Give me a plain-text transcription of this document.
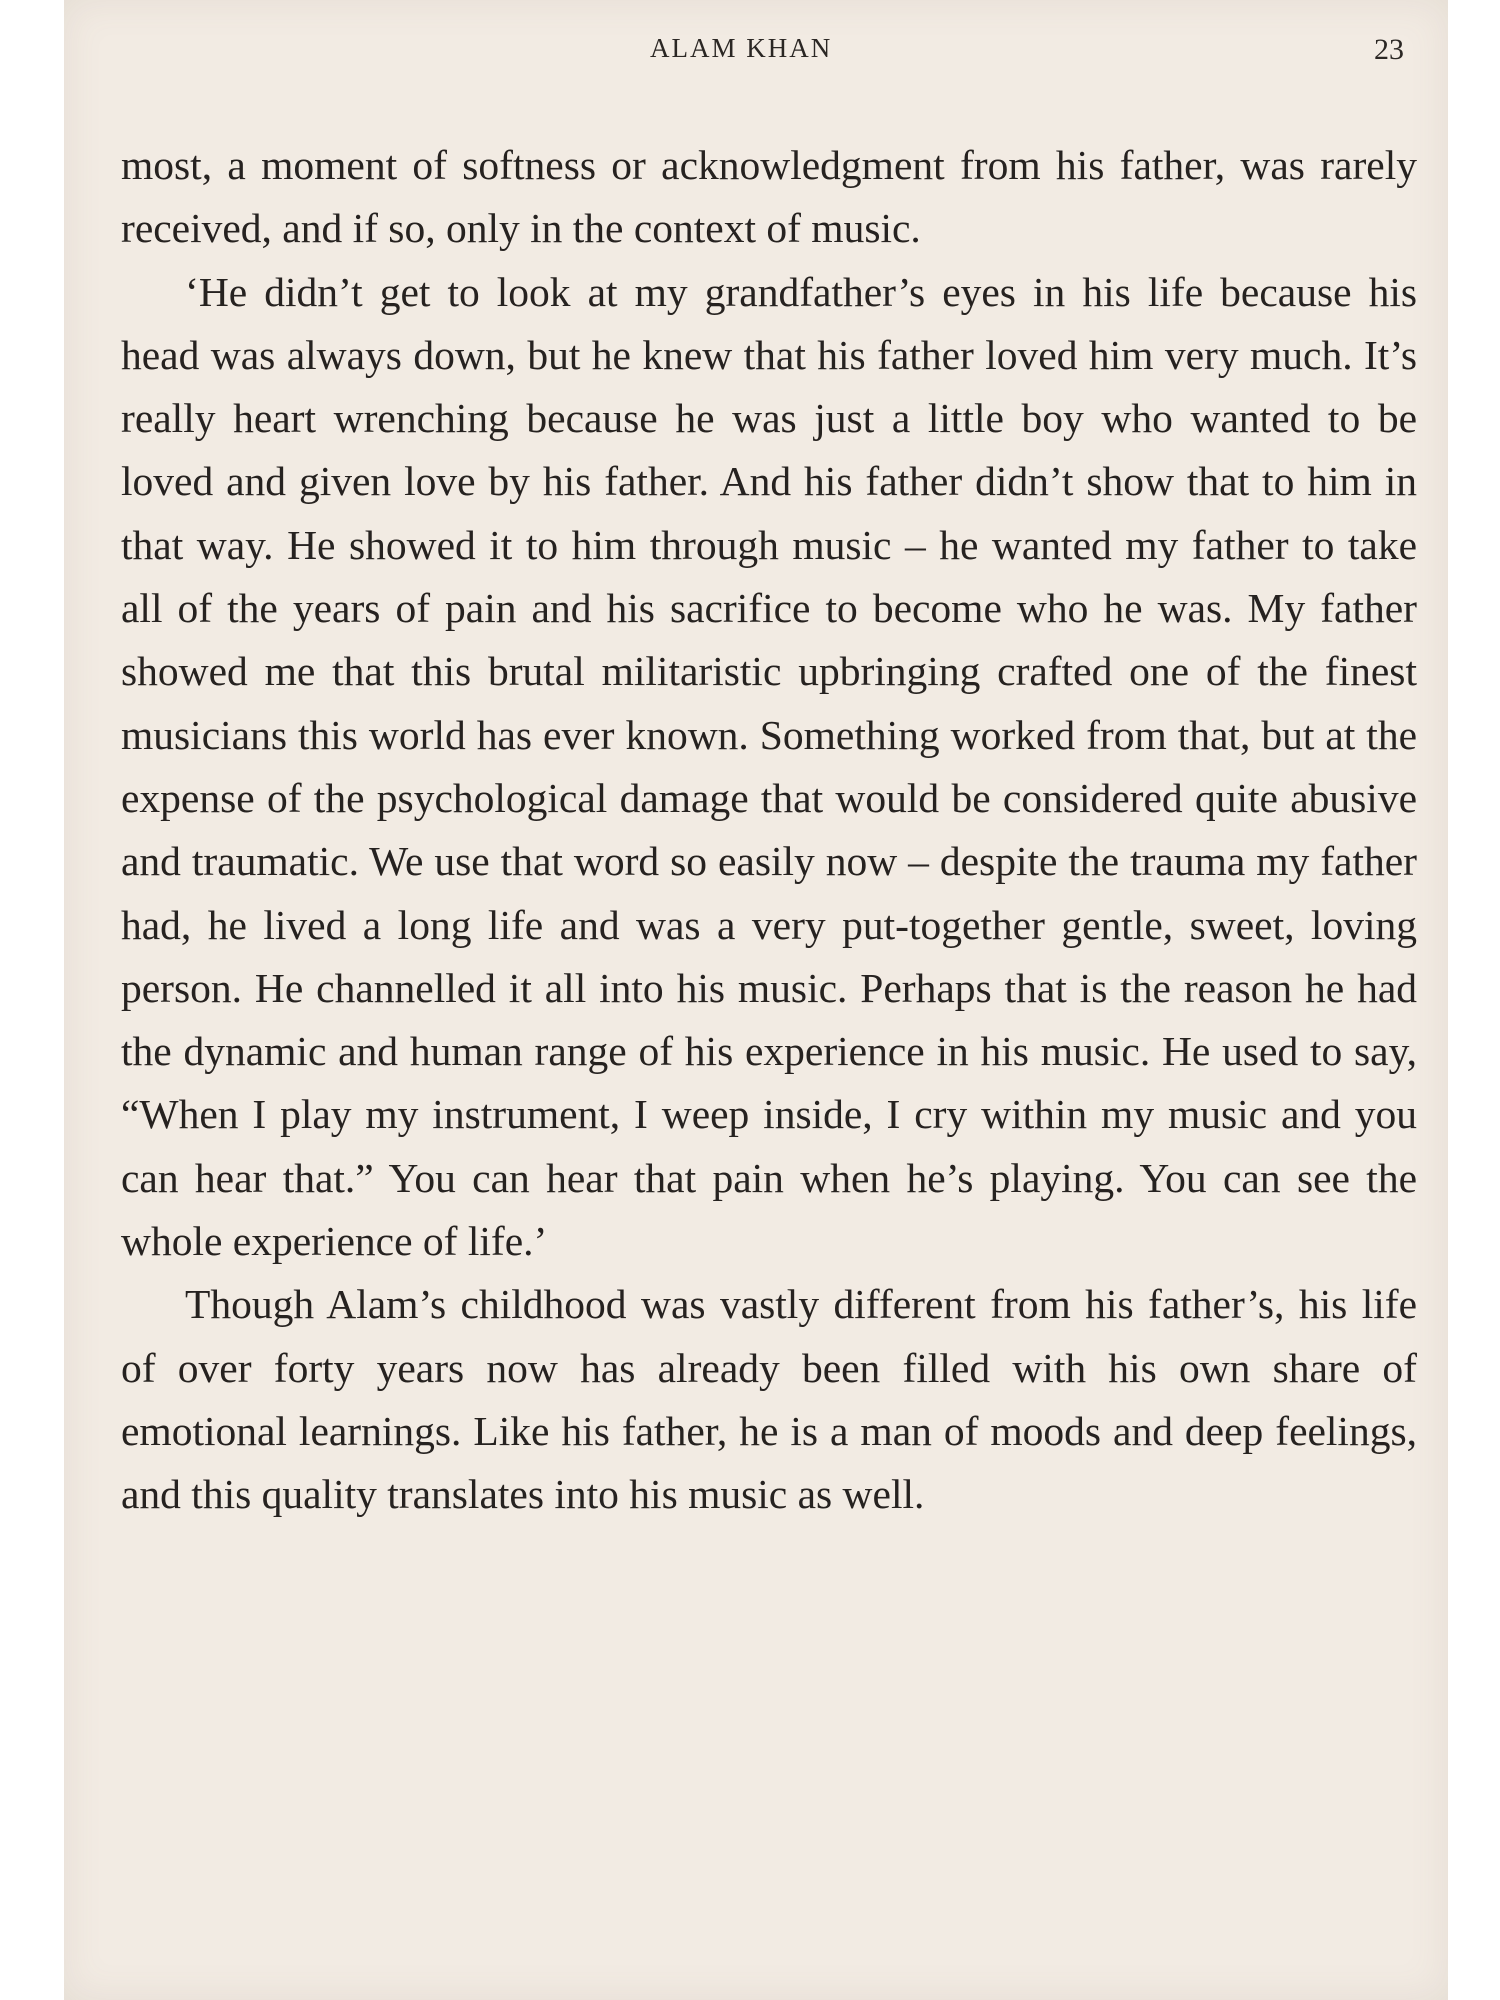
ALAM KHAN	23

most, a moment of softness or acknowledgment from his father, was rarely received, and if so, only in the context of music.

‘He didn’t get to look at my grandfather’s eyes in his life because his head was always down, but he knew that his father loved him very much. It’s really heart wrenching because he was just a little boy who wanted to be loved and given love by his father. And his father didn’t show that to him in that way. He showed it to him through music – he wanted my father to take all of the years of pain and his sacrifice to become who he was. My father showed me that this brutal militaristic upbringing crafted one of the finest musicians this world has ever known. Something worked from that, but at the expense of the psychological damage that would be considered quite abusive and traumatic. We use that word so easily now – despite the trauma my father had, he lived a long life and was a very put-together gentle, sweet, loving person. He channelled it all into his music. Perhaps that is the reason he had the dynamic and human range of his experience in his music. He used to say, “When I play my instrument, I weep inside, I cry within my music and you can hear that.” You can hear that pain when he’s playing. You can see the whole experience of life.’

Though Alam’s childhood was vastly different from his father’s, his life of over forty years now has already been filled with his own share of emotional learnings. Like his father, he is a man of moods and deep feelings, and this quality translates into his music as well.
